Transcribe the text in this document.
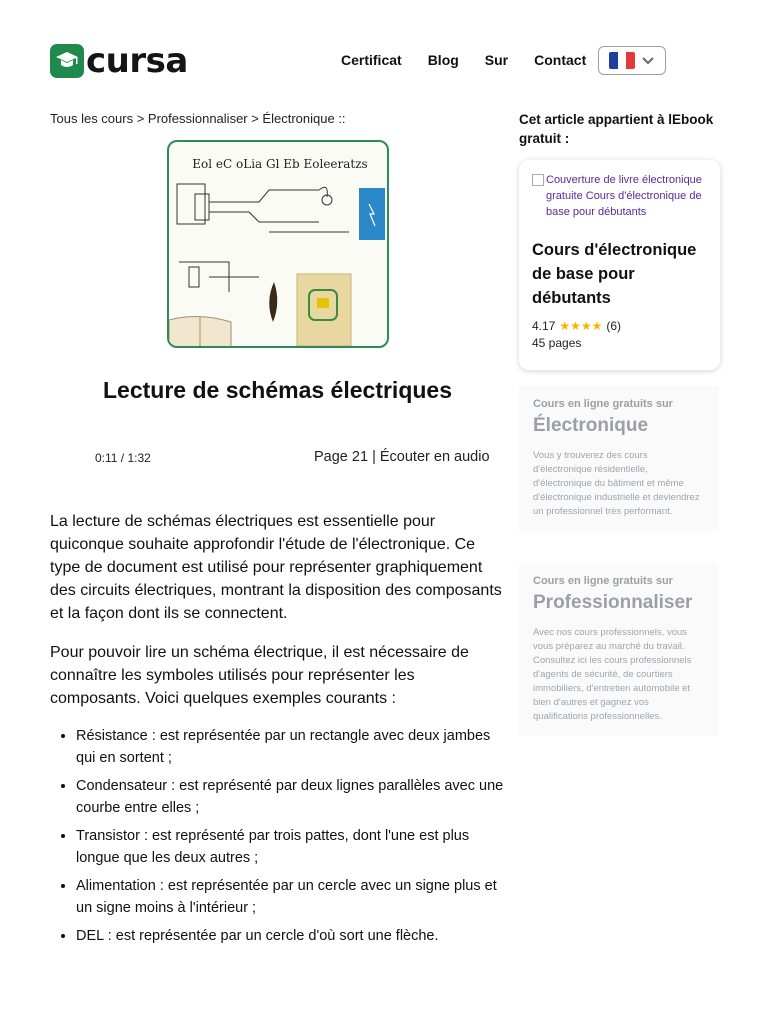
cursa	Certificat Blog Sur Contact
Tous les cours > Professionnaliser > Électronique ::
Eol eC oLia Gl Eb Eoleeratzs
Lecture de schémas électriques
0:11 / 1:32	Page 21 | Écouter en audio

La lecture de schémas électriques est essentielle pour quiconque souhaite approfondir l'étude de l'électronique. Ce type de document est utilisé pour représenter graphiquement des circuits électriques, montrant la disposition des composants et la façon dont ils se connectent.

Pour pouvoir lire un schéma électrique, il est nécessaire de connaître les symboles utilisés pour représenter les composants. Voici quelques exemples courants :

• Résistance : est représentée par un rectangle avec deux jambes qui en sortent ;
• Condensateur : est représenté par deux lignes parallèles avec une courbe entre elles ;
• Transistor : est représenté par trois pattes, dont l'une est plus longue que les deux autres ;
• Alimentation : est représentée par un cercle avec un signe plus et un signe moins à l'intérieur ;
• DEL : est représentée par un cercle d'où sort une flèche.
Cet article appartient à lEbook gratuit :
Couverture de livre électronique gratuite Cours d'électronique de base pour débutants
Cours d'électronique de base pour débutants
4.17 ★★★★ (6)
45 pages
Cours en ligne gratuits sur
Électronique
Vous y trouverez des cours d'électronique résidentielle, d'électronique du bâtiment et même d'électronique industrielle et deviendrez un professionnel très performant.
Cours en ligne gratuits sur
Professionnaliser
Avec nos cours professionnels, vous vous préparez au marché du travail. Consultez ici les cours professionnels d'agents de sécurité, de courtiers immobiliers, d'entretien automobile et bien d'autres et gagnez vos qualifications professionnelles.
